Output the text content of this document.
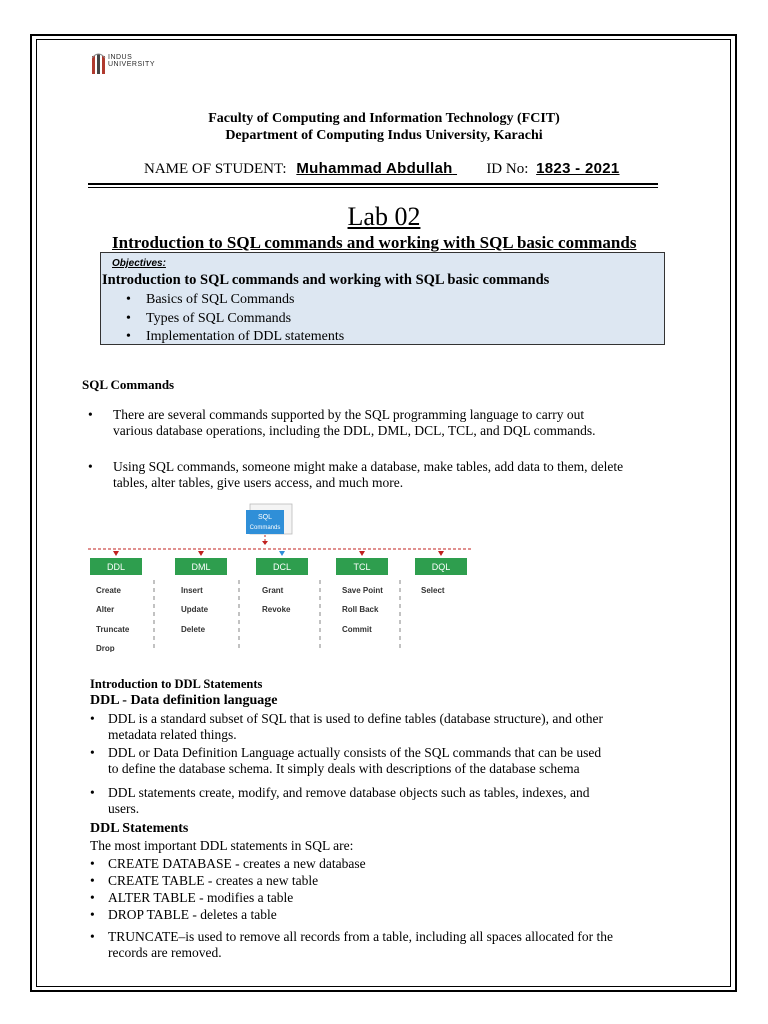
INDUS
UNIVERSITY
Faculty of Computing and Information Technology (FCIT)
Department of Computing Indus University, Karachi
NAME OF STUDENT: Muhammad Abdullah ID No: 1823 - 2021
Lab 02
Introduction to SQL commands and working with SQL basic commands
Objectives:
Introduction to SQL commands and working with SQL basic commands
• Basics of SQL Commands
• Types of SQL Commands
• Implementation of DDL statements
SQL Commands
• There are several commands supported by the SQL programming language to carry out
various database operations, including the DDL, DML, DCL, TCL, and DQL commands.
• Using SQL commands, someone might make a database, make tables, add data to them, delete
tables, alter tables, give users access, and much more.
SQL
Commands
DDL
Create
Alter
Truncate
Drop
DML
Insert
Update
Delete
DCL
Grant
Revoke
TCL
Save Point
Roll Back
Commit
DQL
Select
Introduction to DDL Statements
DDL - Data definition language
• DDL is a standard subset of SQL that is used to define tables (database structure), and other
metadata related things.
• DDL or Data Definition Language actually consists of the SQL commands that can be used
to define the database schema. It simply deals with descriptions of the database schema
• DDL statements create, modify, and remove database objects such as tables, indexes, and
users.
DDL Statements
The most important DDL statements in SQL are:
• CREATE DATABASE - creates a new database
• CREATE TABLE - creates a new table
• ALTER TABLE - modifies a table
• DROP TABLE - deletes a table
• TRUNCATE–is used to remove all records from a table, including all spaces allocated for the
records are removed.
